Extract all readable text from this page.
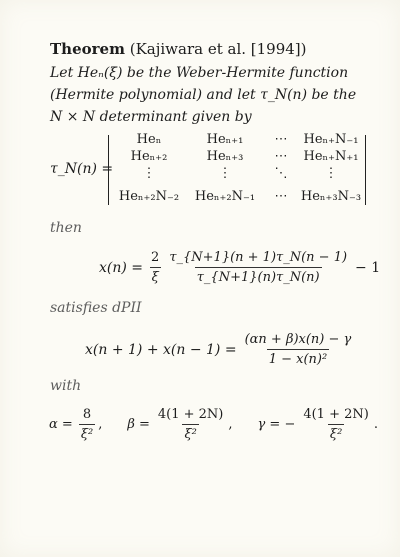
Theorem (Kajiwara et al. [1994])
Let Heₙ(ξ) be the Weber-Hermite function (Hermite polynomial) and let τ_N(n) be the N × N determinant given by
τ_N(n) =
Heₙ	Heₙ₊₁ ⋯ Heₙ₊N₋₁
Heₙ₊₂	Heₙ₊₃ ⋯ Heₙ₊N₊₁
⋮	⋮	⋱	⋮
Heₙ₊₂N₋₂ Heₙ₊₂N₋₁ ⋯ Heₙ₊₃N₋₃
then
$x(n) = \frac{2}{\xi} \frac{\tau\_\{N+1\}(n + 1)\tau\_N(n - 1)}{\tau\_\{N+1\}(n)\tau\_N(n)} - 1$
satisfies dPII
$x(n + 1) + x(n - 1) = \frac{(\alpha n + \beta)x(n) - \gamma}{\text{1 − x(n)²}}$
with
$\alpha = \frac{8}{\text{ξ²}}$ , $\beta = \frac{4(1 + 2N)}{\text{ξ²}}$ , γ = − $\frac{4(1 + 2N)}{\text{ξ²}}$ .
